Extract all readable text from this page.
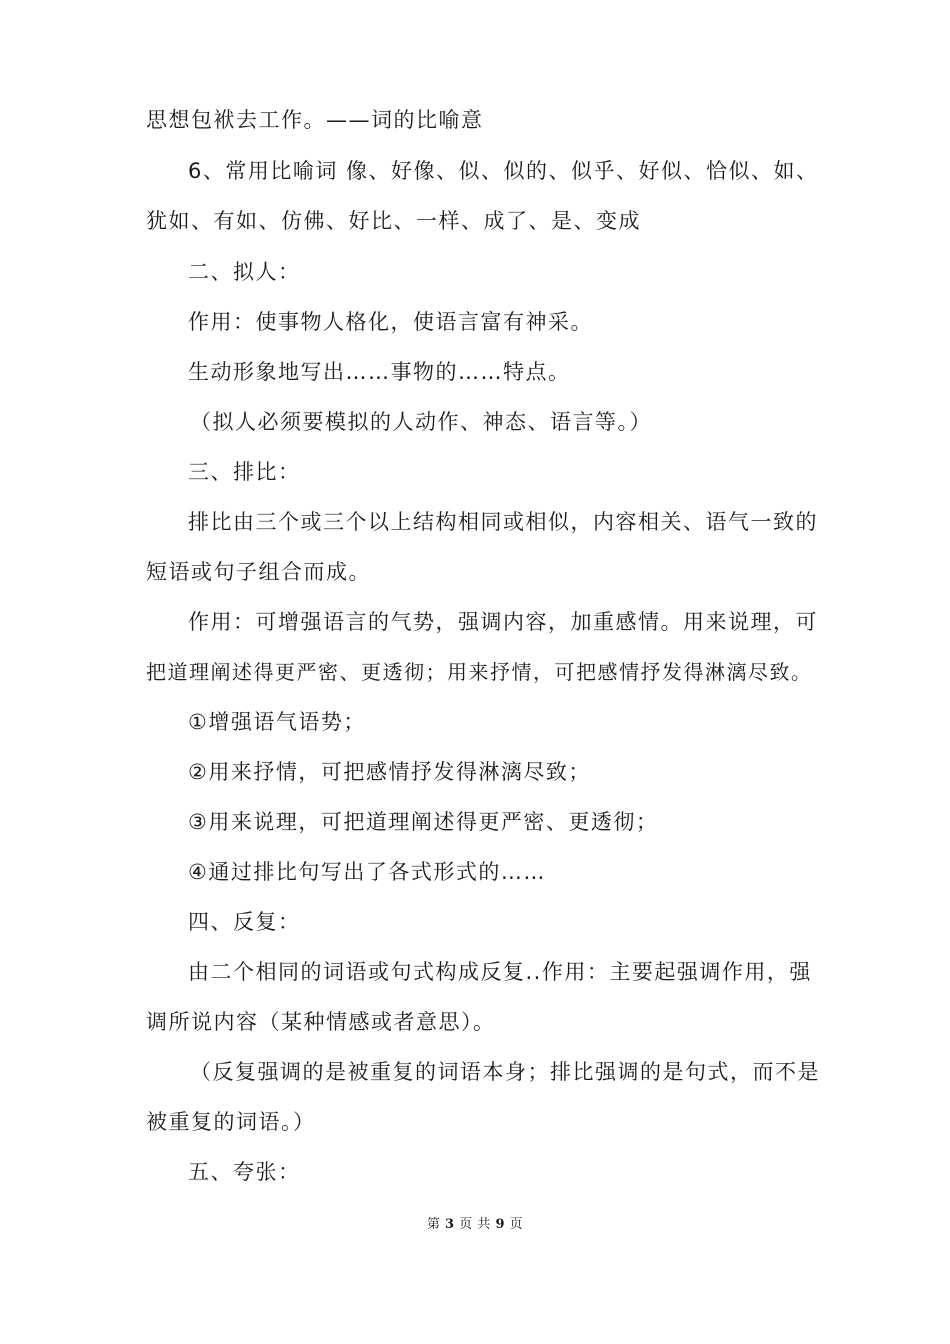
思想包袱去工作。——词的比喻意

6、常用比喻词 像、好像、似、似的、似乎、好似、恰似、如、

犹如、有如、仿佛、好比、一样、成了、是、变成

二、拟人：

作用：使事物人格化，使语言富有神采。

生动形象地写出……事物的……特点。

（拟人必须要模拟的人动作、神态、语言等。）

三、排比：

排比由三个或三个以上结构相同或相似，内容相关、语气一致的

短语或句子组合而成。

作用：可增强语言的气势，强调内容，加重感情。用来说理，可

把道理阐述得更严密、更透彻；用来抒情，可把感情抒发得淋漓尽致。

①增强语气语势；

②用来抒情，可把感情抒发得淋漓尽致；

③用来说理，可把道理阐述得更严密、更透彻；

④通过排比句写出了各式形式的……

四、反复：

由二个相同的词语或句式构成反复..作用：主要起强调作用，强

调所说内容（某种情感或者意思）。

（反复强调的是被重复的词语本身；排比强调的是句式，而不是

被重复的词语。）

五、夸张：

第 3 页 共 9 页
